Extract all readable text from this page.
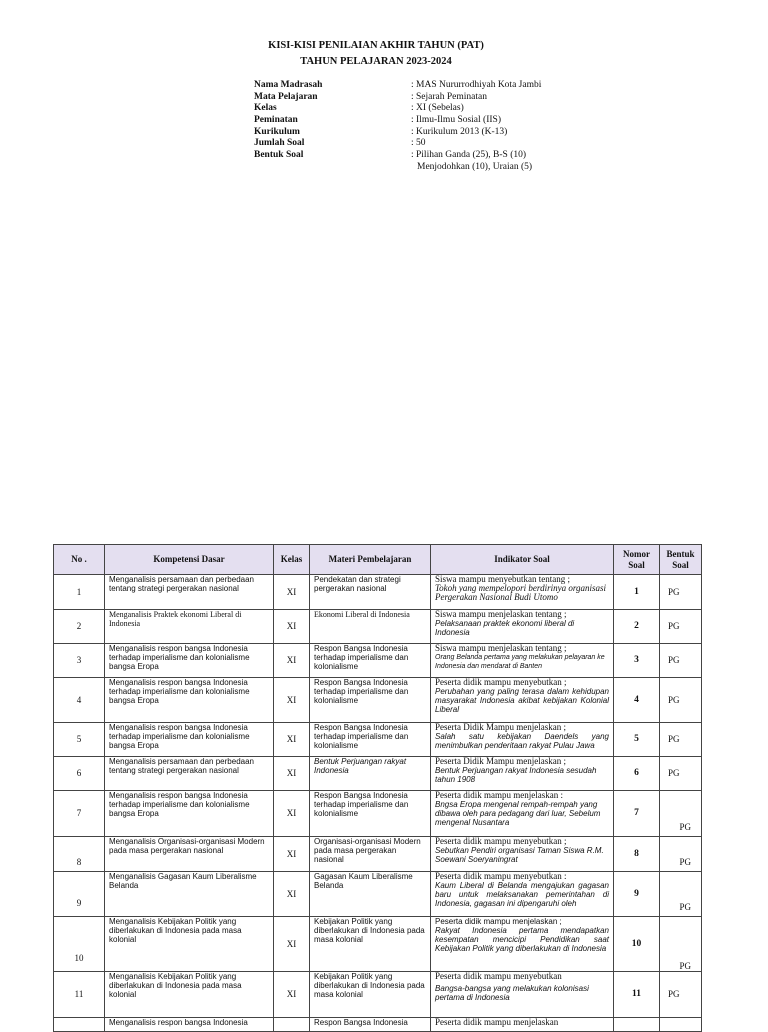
KISI-KISI PENILAIAN AKHIR TAHUN (PAT)
TAHUN PELAJARAN 2023-2024
Nama Madrasah	: MAS Nururrodhiyah Kota Jambi
Mata Pelajaran	: Sejarah Peminatan
Kelas	: XI (Sebelas)
Peminatan	: Ilmu-Ilmu Sosial (IIS)
Kurikulum	: Kurikulum 2013 (K-13)
Jumlah Soal	: 50
Bentuk Soal	: Pilihan Ganda (25), B-S (10)
Menjodohkan (10), Uraian (5)
No .	Kompetensi Dasar	Kelas	Materi Pembelajaran	Indikator Soal	Nomor Soal	Bentuk Soal
1	Menganalisis persamaan dan perbedaan tentang strategi pergerakan nasional	XI	Pendekatan dan strategi pergerakan nasional	Siswa mampu menyebutkan tentang ;
Tokoh yang mempelopori berdirinya organisasi Pergerakan Nasional Budi Utomo	1	PG
2	Menganalisis Praktek ekonomi Liberal di Indonesia	XI	Ekonomi Liberal di Indonesia	Siswa mampu menjelaskan tentang ;
Pelaksanaan praktek ekonomi liberal di Indonesia	2	PG
3	Menganalisis respon bangsa Indonesia terhadap imperialisme dan kolonialisme bangsa Eropa	XI	Respon Bangsa Indonesia terhadap imperialisme dan kolonialisme	Siswa mampu menjelaskan tentang ;
Orang Belanda pertama yang melakukan pelayaran ke Indonesia dan mendarat di Banten	3	PG
4	Menganalisis respon bangsa Indonesia terhadap imperialisme dan kolonialisme bangsa Eropa	XI	Respon Bangsa Indonesia terhadap imperialisme dan kolonialisme	Peserta didik mampu menyebutkan ;
Perubahan yang paling terasa dalam kehidupan masyarakat Indonesia akibat kebijakan Kolonial Liberal	4	PG
5	Menganalisis respon bangsa Indonesia terhadap imperialisme dan kolonialisme bangsa Eropa	XI	Respon Bangsa Indonesia terhadap imperialisme dan kolonialisme	Peserta Didik Mampu menjelaskan ;
Salah satu kebijakan Daendels yang menimbulkan penderitaan rakyat Pulau Jawa	5	PG
6	Menganalisis persamaan dan perbedaan tentang strategi pergerakan nasional	XI	Bentuk Perjuangan rakyat Indonesia	Peserta Didik Mampu menjelaskan ;
Bentuk Perjuangan rakyat Indonesia sesudah tahun 1908	6	PG
7	Menganalisis respon bangsa Indonesia terhadap imperialisme dan kolonialisme bangsa Eropa	XI	Respon Bangsa Indonesia terhadap imperialisme dan kolonialisme	Peserta didik mampu menjelaskan :
Bngsa Eropa mengenal rempah-rempah yang dibawa oleh para pedagang dari luar, Sebelum mengenal Nusantara	7	PG
8	Menganalisis Organisasi-organisasi Modern pada masa pergerakan nasional	XI	Organisasi-organisasi Modern pada masa pergerakan nasional	Peserta didik mampu menyebutkan ;
Sebutkan Pendiri organisasi Taman Siswa R.M. Soewani Soeryaningrat	8	PG
9	Menganalisis Gagasan Kaum Liberalisme Belanda	XI	Gagasan Kaum Liberalisme Belanda	Peserta didik mampu menyebutkan :
Kaum Liberal di Belanda mengajukan gagasan baru untuk melaksanakan pemerintahan di Indonesia, gagasan ini dipengaruhi oleh	9	PG
10	Menganalisis Kebijakan Politik yang diberlakukan di Indonesia pada masa kolonial	XI	Kebijakan Politik yang diberlakukan di Indonesia pada masa kolonial	Peserta didik mampu menjelaskan ;
Rakyat Indonesia pertama mendapatkan kesempatan mencicipi Pendidikan saat Kebijakan Politik yang diberlakukan di Indonesia	10	PG
11	Menganalisis Kebijakan Politik yang diberlakukan di Indonesia pada masa kolonial	XI	Kebijakan Politik yang diberlakukan di Indonesia pada masa kolonial	Peserta didik mampu menyebutkan
Bangsa-bangsa yang melakukan kolonisasi pertama di Indonesia	11	PG
	Menganalisis respon bangsa Indonesia		Respon Bangsa Indonesia	Peserta didik mampu menjelaskan		
